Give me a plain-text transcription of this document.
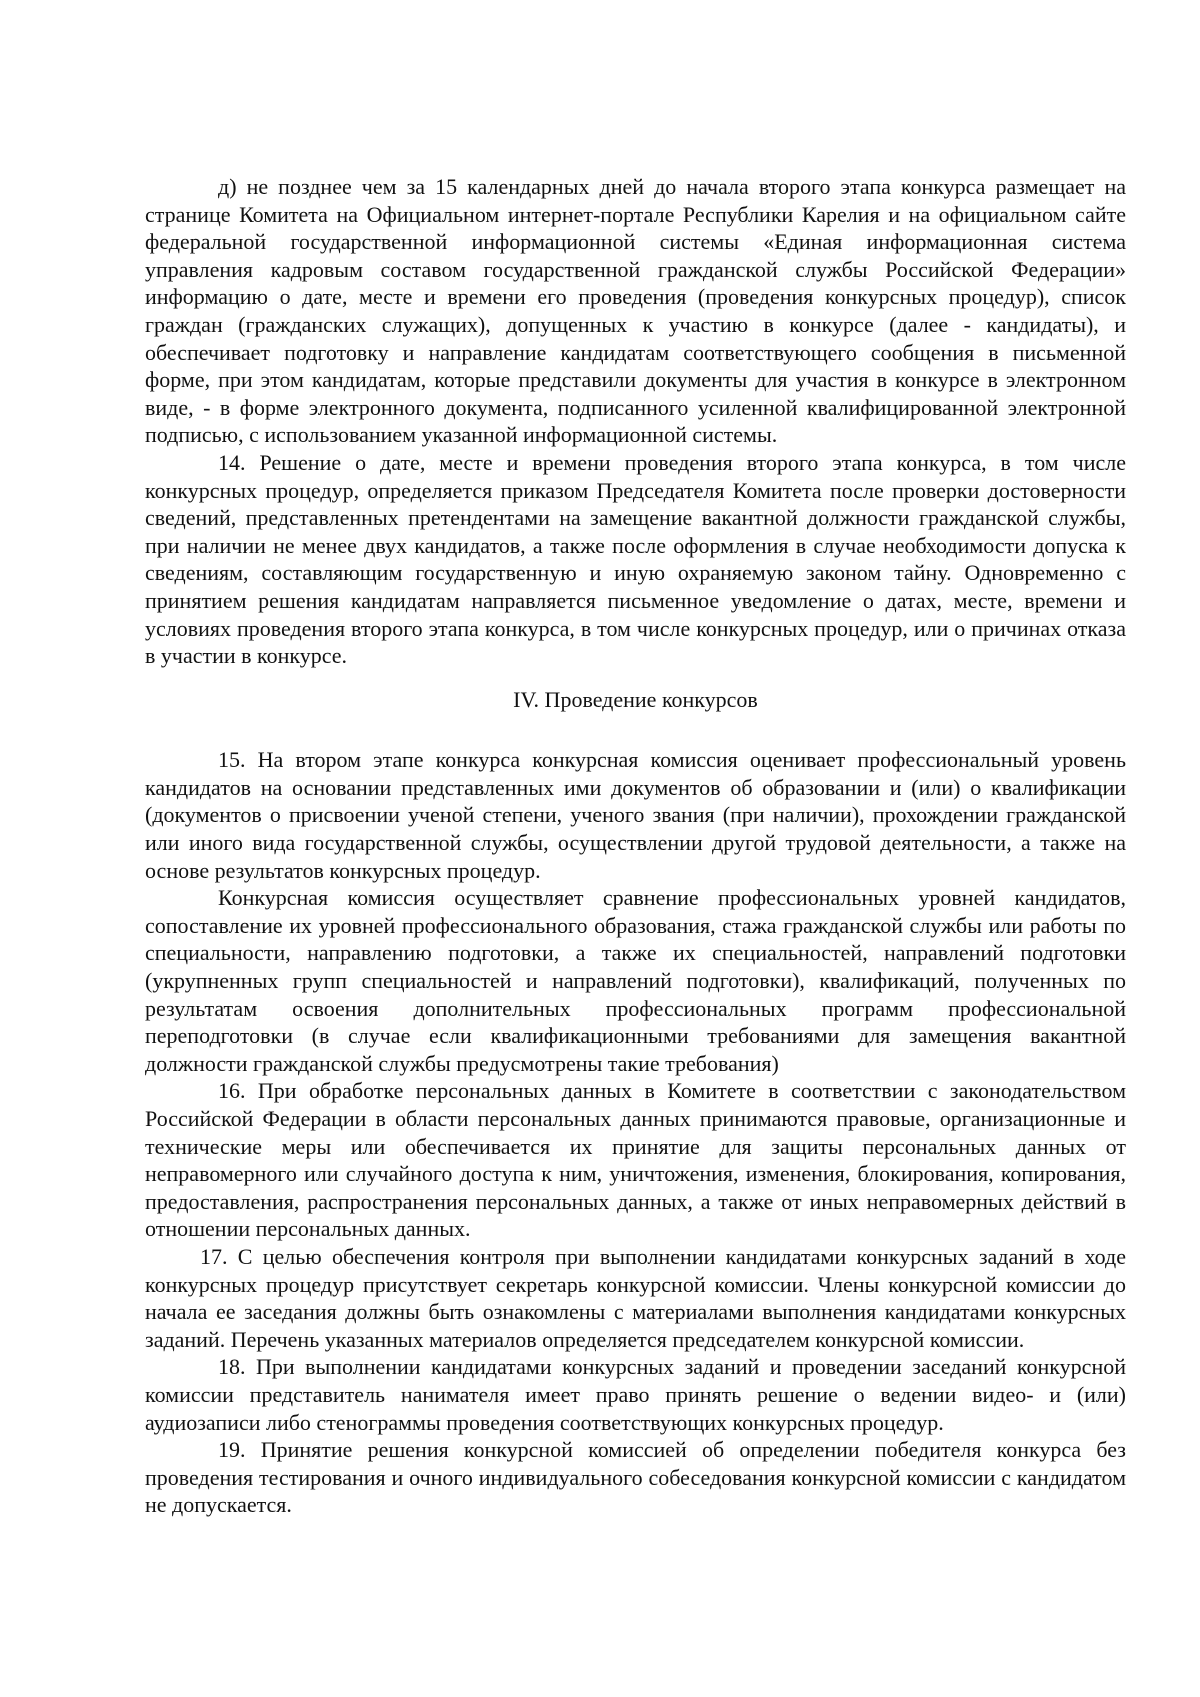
д) не позднее чем за 15 календарных дней до начала второго этапа конкурса размещает на странице Комитета на Официальном интернет-портале Республики Карелия и на официальном сайте федеральной государственной информационной системы «Единая информационная система управления кадровым составом государственной гражданской службы Российской Федерации» информацию о дате, месте и времени его проведения (проведения конкурсных процедур), список граждан (гражданских служащих), допущенных к участию в конкурсе (далее - кандидаты), и обеспечивает подготовку и направление кандидатам соответствующего сообщения в письменной форме, при этом кандидатам, которые представили документы для участия в конкурсе в электронном виде, - в форме электронного документа, подписанного усиленной квалифицированной электронной подписью, с использованием указанной информационной системы.

14. Решение о дате, месте и времени проведения второго этапа конкурса, в том числе конкурсных процедур, определяется приказом Председателя Комитета после проверки достоверности сведений, представленных претендентами на замещение вакантной должности гражданской службы, при наличии не менее двух кандидатов, а также после оформления в случае необходимости допуска к сведениям, составляющим государственную и иную охраняемую законом тайну. Одновременно с принятием решения кандидатам направляется письменное уведомление о датах, месте, времени и условиях проведения второго этапа конкурса, в том числе конкурсных процедур, или о причинах отказа в участии в конкурсе.

IV. Проведение конкурсов

15. На втором этапе конкурса конкурсная комиссия оценивает профессиональный уровень кандидатов на основании представленных ими документов об образовании и (или) о квалификации (документов о присвоении ученой степени, ученого звания (при наличии), прохождении гражданской или иного вида государственной службы, осуществлении другой трудовой деятельности, а также на основе результатов конкурсных процедур.

Конкурсная комиссия осуществляет сравнение профессиональных уровней кандидатов, сопоставление их уровней профессионального образования, стажа гражданской службы или работы по специальности, направлению подготовки, а также их специальностей, направлений подготовки (укрупненных групп специальностей и направлений подготовки), квалификаций, полученных по результатам освоения дополнительных профессиональных программ профессиональной переподготовки (в случае если квалификационными требованиями для замещения вакантной должности гражданской службы предусмотрены такие требования)

16. При обработке персональных данных в Комитете в соответствии с законодательством Российской Федерации в области персональных данных принимаются правовые, организационные и технические меры или обеспечивается их принятие для защиты персональных данных от неправомерного или случайного доступа к ним, уничтожения, изменения, блокирования, копирования, предоставления, распространения персональных данных, а также от иных неправомерных действий в отношении персональных данных.

17. С целью обеспечения контроля при выполнении кандидатами конкурсных заданий в ходе конкурсных процедур присутствует секретарь конкурсной комиссии. Члены конкурсной комиссии до начала ее заседания должны быть ознакомлены с материалами выполнения кандидатами конкурсных заданий. Перечень указанных материалов определяется председателем конкурсной комиссии.

18. При выполнении кандидатами конкурсных заданий и проведении заседаний конкурсной комиссии представитель нанимателя имеет право принять решение о ведении видео- и (или) аудиозаписи либо стенограммы проведения соответствующих конкурсных процедур.

19. Принятие решения конкурсной комиссией об определении победителя конкурса без проведения тестирования и очного индивидуального собеседования конкурсной комиссии с кандидатом не допускается.
